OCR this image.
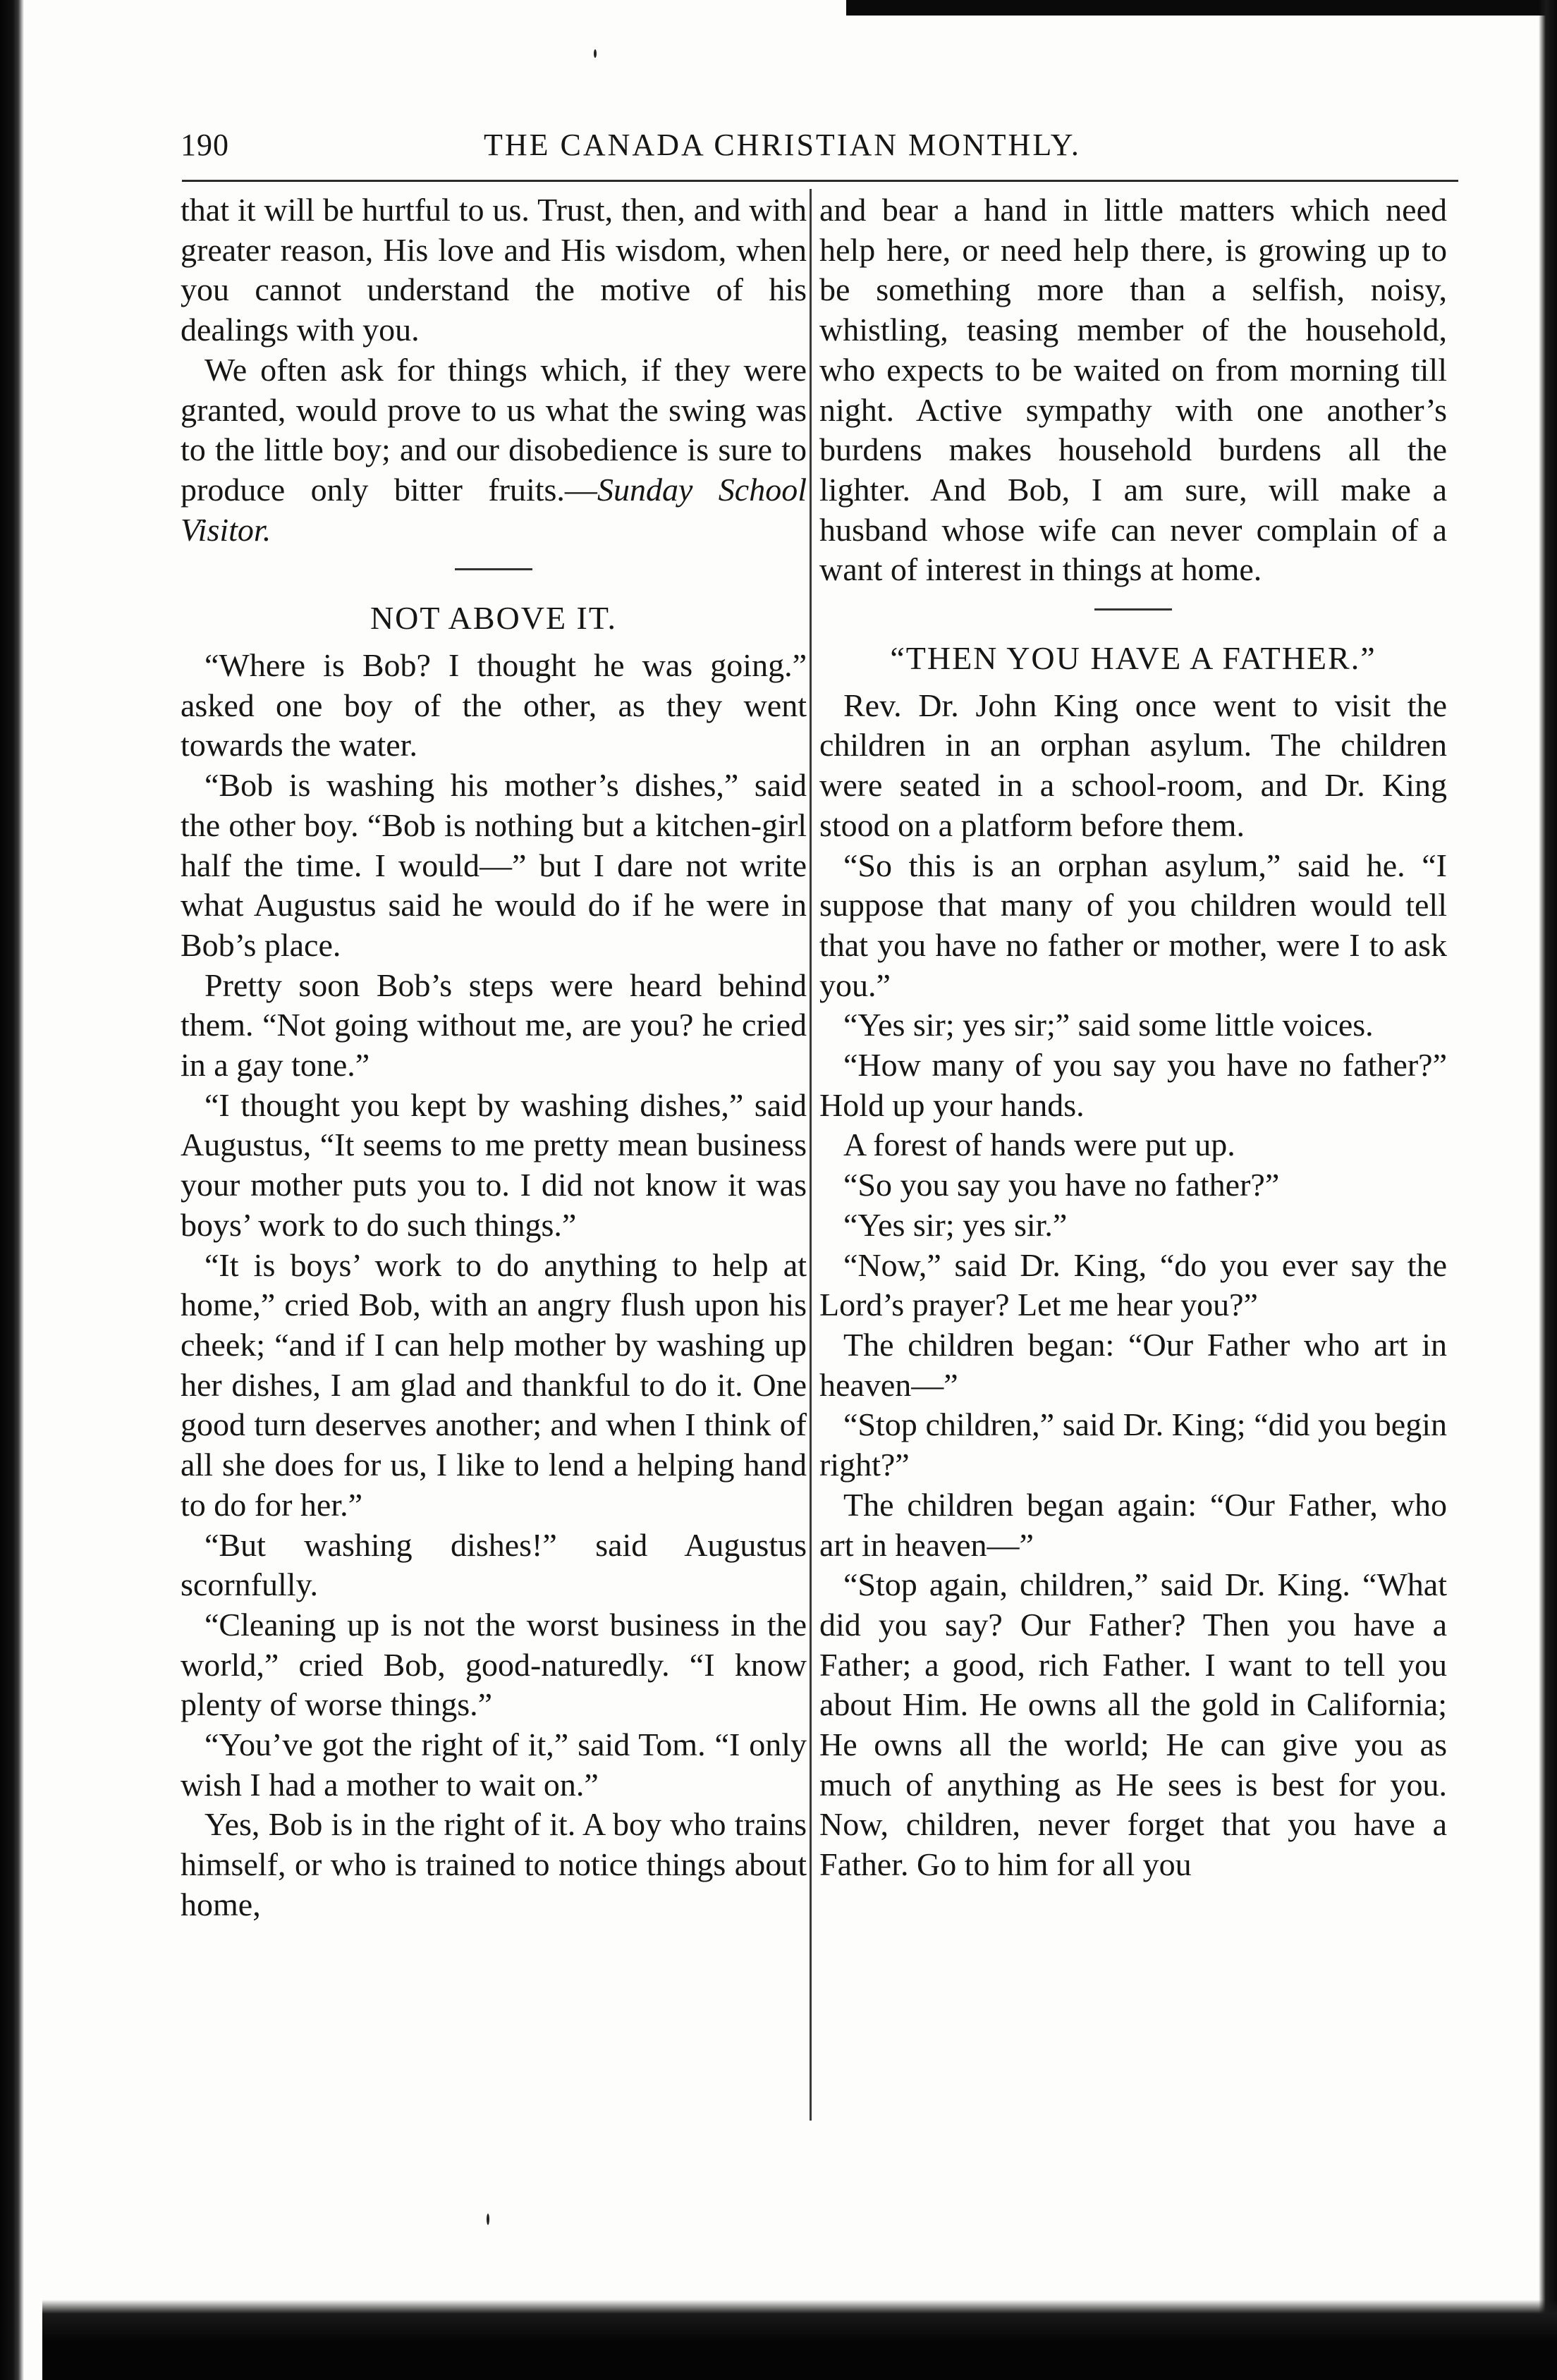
190	THE CANADA CHRISTIAN MONTHLY.

that it will be hurtful to us. Trust, then, and with greater reason, His love and His wisdom, when you cannot understand the motive of his dealings with you.

We often ask for things which, if they were granted, would prove to us what the swing was to the little boy; and our disobedience is sure to produce only bitter fruits.—Sunday School Visitor.

NOT ABOVE IT.

“Where is Bob? I thought he was going.” asked one boy of the other, as they went towards the water.

“Bob is washing his mother’s dishes,” said the other boy. “Bob is nothing but a kitchen-girl half the time. I would—” but I dare not write what Augustus said he would do if he were in Bob’s place.

Pretty soon Bob’s steps were heard behind them. “Not going without me, are you? he cried in a gay tone.”

“I thought you kept by washing dishes,” said Augustus, “It seems to me pretty mean business your mother puts you to. I did not know it was boys’ work to do such things.”

“It is boys’ work to do anything to help at home,” cried Bob, with an angry flush upon his cheek; “and if I can help mother by washing up her dishes, I am glad and thankful to do it. One good turn deserves another; and when I think of all she does for us, I like to lend a helping hand to do for her.”

“But washing dishes!” said Augustus scornfully.

“Cleaning up is not the worst business in the world,” cried Bob, good-naturedly. “I know plenty of worse things.”

“You’ve got the right of it,” said Tom. “I only wish I had a mother to wait on.”

Yes, Bob is in the right of it. A boy who trains himself, or who is trained to notice things about home,

and bear a hand in little matters which need help here, or need help there, is growing up to be something more than a selfish, noisy, whistling, teasing member of the household, who expects to be waited on from morning till night. Active sympathy with one another’s burdens makes household burdens all the lighter. And Bob, I am sure, will make a husband whose wife can never complain of a want of interest in things at home.

“THEN YOU HAVE A FATHER.”

Rev. Dr. John King once went to visit the children in an orphan asylum. The children were seated in a school-room, and Dr. King stood on a platform before them.

“So this is an orphan asylum,” said he. “I suppose that many of you children would tell that you have no father or mother, were I to ask you.”

“Yes sir; yes sir;” said some little voices.

“How many of you say you have no father?” Hold up your hands.

A forest of hands were put up.

“So you say you have no father?”

“Yes sir; yes sir.”

“Now,” said Dr. King, “do you ever say the Lord’s prayer? Let me hear you?”

The children began: “Our Father who art in heaven—”

“Stop children,” said Dr. King; “did you begin right?”

The children began again: “Our Father, who art in heaven—”

“Stop again, children,” said Dr. King. “What did you say? Our Father? Then you have a Father; a good, rich Father. I want to tell you about Him. He owns all the gold in California; He owns all the world; He can give you as much of anything as He sees is best for you. Now, children, never forget that you have a Father. Go to him for all you
